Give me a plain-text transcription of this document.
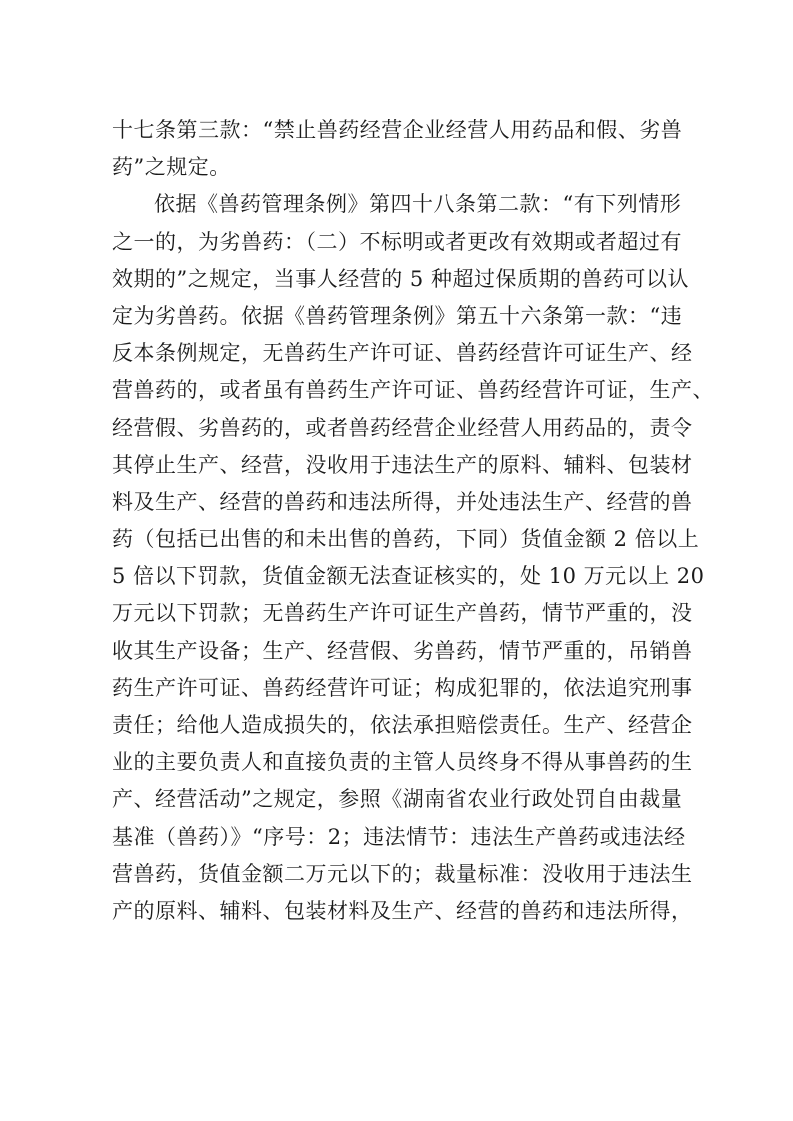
十七条第三款：“禁止兽药经营企业经营人用药品和假、劣兽
药”之规定。
依据《兽药管理条例》第四十八条第二款：“有下列情形
之一的，为劣兽药：（二）不标明或者更改有效期或者超过有
效期的”之规定，当事人经营的 5 种超过保质期的兽药可以认
定为劣兽药。依据《兽药管理条例》第五十六条第一款：“违
反本条例规定，无兽药生产许可证、兽药经营许可证生产、经
营兽药的，或者虽有兽药生产许可证、兽药经营许可证，生产、
经营假、劣兽药的，或者兽药经营企业经营人用药品的，责令
其停止生产、经营，没收用于违法生产的原料、辅料、包装材
料及生产、经营的兽药和违法所得，并处违法生产、经营的兽
药（包括已出售的和未出售的兽药，下同）货值金额 2 倍以上
5 倍以下罚款，货值金额无法查证核实的，处 10 万元以上 20
万元以下罚款；无兽药生产许可证生产兽药，情节严重的，没
收其生产设备；生产、经营假、劣兽药，情节严重的，吊销兽
药生产许可证、兽药经营许可证；构成犯罪的，依法追究刑事
责任；给他人造成损失的，依法承担赔偿责任。生产、经营企
业的主要负责人和直接负责的主管人员终身不得从事兽药的生
产、经营活动”之规定，参照《湖南省农业行政处罚自由裁量
基准（兽药）》“序号：2；违法情节：违法生产兽药或违法经
营兽药，货值金额二万元以下的；裁量标准：没收用于违法生
产的原料、辅料、包装材料及生产、经营的兽药和违法所得，
